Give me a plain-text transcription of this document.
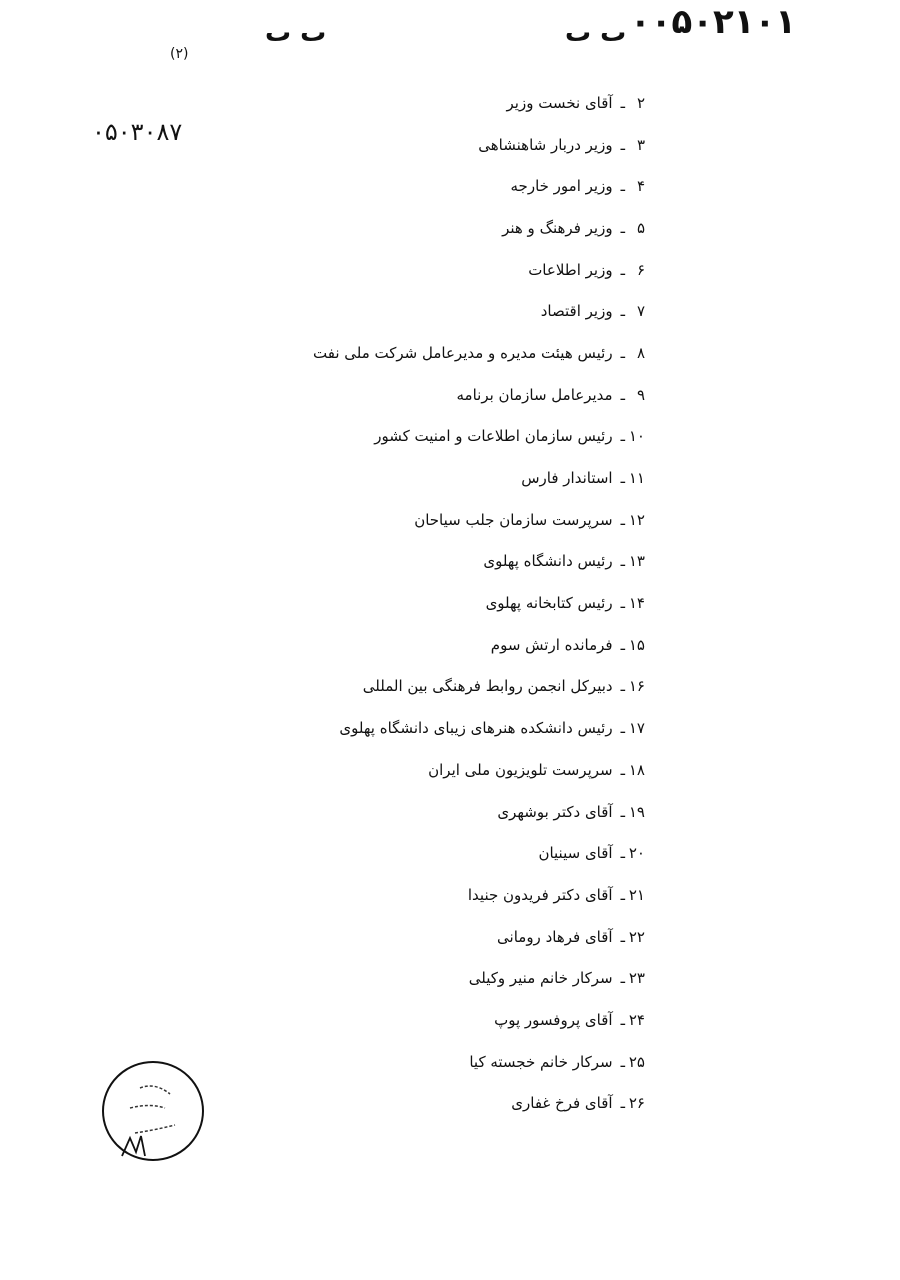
۰۰۵۰۲۱۰۱
ٮ ٮ
ٮ ٮ
(۲)
۰۵۰۳۰۸۷
۲
ـ
آقای نخست وزیر
۳
ـ
وزیر دربار شاهنشاهی
۴
ـ
وزیر امور خارجه
۵
ـ
وزیر فرهنگ و هنر
۶
ـ
وزیر اطلاعات
۷
ـ
وزیر اقتصاد
۸
ـ
رئیس هیئت مدیره و مدیرعامل شرکت ملی نفت
۹
ـ
مدیرعامل سازمان برنامه
۱۰
ـ
رئیس سازمان اطلاعات و امنیت کشور
۱۱
ـ
استاندار فارس
۱۲
ـ
سرپرست سازمان جلب سیاحان
۱۳
ـ
رئیس دانشگاه پهلوی
۱۴
ـ
رئیس کتابخانه پهلوی
۱۵
ـ
فرمانده ارتش سوم
۱۶
ـ
دبیرکل انجمن روابط فرهنگی بین المللی
۱۷
ـ
رئیس دانشکده هنرهای زیبای دانشگاه پهلوی
۱۸
ـ
سرپرست تلویزیون ملی ایران
۱۹
ـ
آقای دکتر بوشهری
۲۰
ـ
آقای سینیان
۲۱
ـ
آقای دکتر فریدون جنیدا
۲۲
ـ
آقای فرهاد رومانی
۲۳
ـ
سرکار خانم منیر وکیلی
۲۴
ـ
آقای پروفسور پوپ
۲۵
ـ
سرکار خانم خجسته کیا
۲۶
ـ
آقای فرخ غفاری
